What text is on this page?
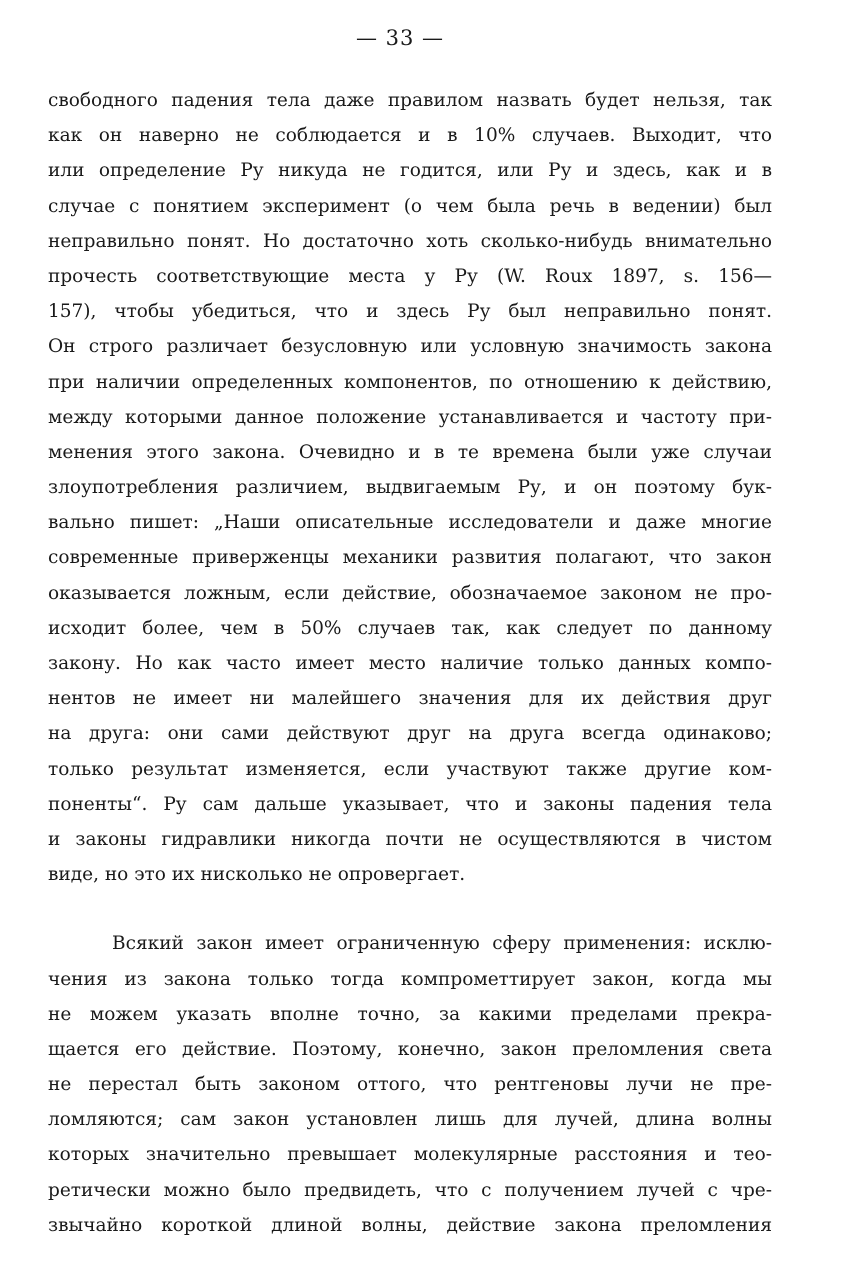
— 33 —
свободного падения тела даже правилом назвать будет нельзя, так
как он наверно не соблюдается и в 10% случаев. Выходит, что
или определение Ру никуда не годится, или Ру и здесь, как и в
случае с понятием эксперимент (о чем была речь в ведении) был
неправильно понят. Но достаточно хоть сколько-нибудь внимательно
прочесть соответствующие места у Ру (W. Roux 1897, s. 156—
157), чтобы убедиться, что и здесь Ру был неправильно понят.
Он строго различает безусловную или условную значимость закона
при наличии определенных компонентов, по отношению к действию,
между которыми данное положение устанавливается и частоту при-
менения этого закона. Очевидно и в те времена были уже случаи
злоупотребления различием, выдвигаемым Ру, и он поэтому бук-
вально пишет: „Наши описательные исследователи и даже многие
современные приверженцы механики развития полагают, что закон
оказывается ложным, если действие, обозначаемое законом не про-
исходит более, чем в 50% случаев так, как следует по данному
закону. Но как часто имеет место наличие только данных компо-
нентов не имеет ни малейшего значения для их действия друг
на друга: они сами действуют друг на друга всегда одинаково;
только результат изменяется, если участвуют также другие ком-
поненты“. Ру сам дальше указывает, что и законы падения тела
и законы гидравлики никогда почти не осуществляются в чистом
виде, но это их нисколько не опровергает.
Всякий закон имеет ограниченную сферу применения: исклю-
чения из закона только тогда компрометтирует закон, когда мы
не можем указать вполне точно, за какими пределами прекра-
щается его действие. Поэтому, конечно, закон преломления света
не перестал быть законом оттого, что рентгеновы лучи не пре-
ломляются; сам закон установлен лишь для лучей, длина волны
которых значительно превышает молекулярные расстояния и тео-
ретически можно было предвидеть, что с получением лучей с чре-
звычайно короткой длиной волны, действие закона преломления
